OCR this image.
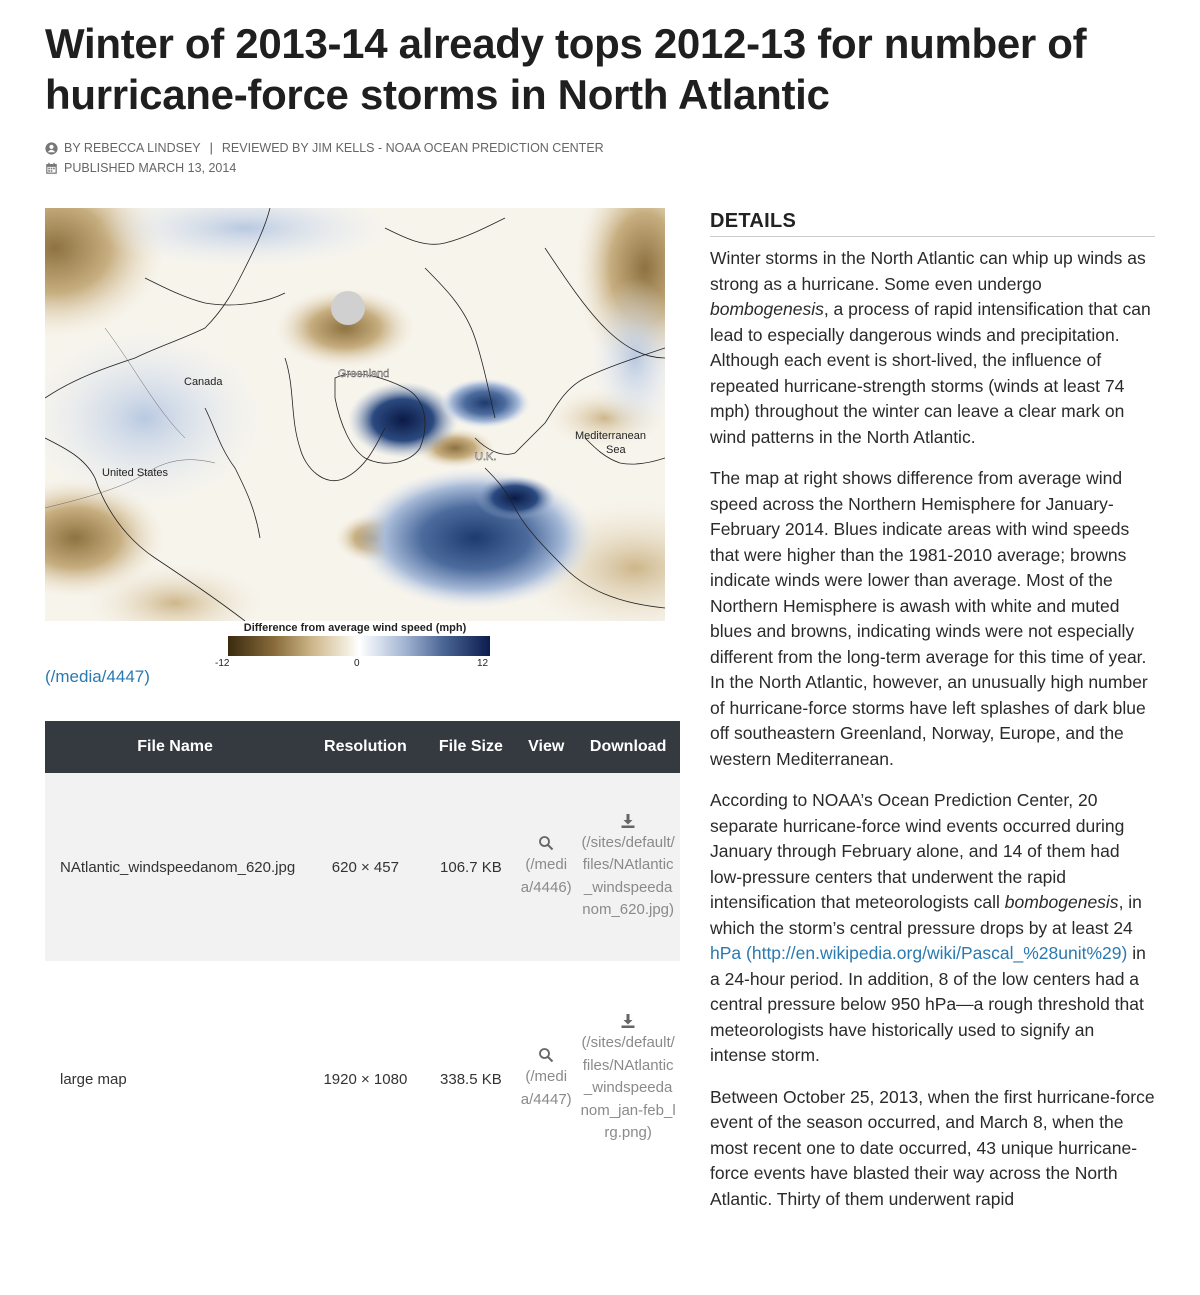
Winter of 2013-14 already tops 2012-13 for number of hurricane-force storms in North Atlantic
BY REBECCA LINDSEY | REVIEWED BY JIM KELLS - NOAA OCEAN PREDICTION CENTER
PUBLISHED MARCH 13, 2014
Canada
United States
Greenland
U.K.
Mediterranean
Sea
Difference from average wind speed (mph)
-12	0	12
(/media/4447)
File Name	Resolution	File Size	View	Download
NAtlantic_windspeedanom_620.jpg	620 × 457	106.7 KB	(/media/4446)	(/sites/default/files/NAtlantic_windspeedanom_620.jpg)
large map	1920 × 1080	338.5 KB	(/media/4447)	(/sites/default/files/NAtlantic_windspeedanom_jan-feb_lrg.png)
DETAILS

Winter storms in the North Atlantic can whip up winds as strong as a hurricane. Some even undergo bombogenesis, a process of rapid intensification that can lead to especially dangerous winds and precipitation. Although each event is short-lived, the influence of repeated hurricane-strength storms (winds at least 74 mph) throughout the winter can leave a clear mark on wind patterns in the North Atlantic.

The map at right shows difference from average wind speed across the Northern Hemisphere for January-February 2014. Blues indicate areas with wind speeds that were higher than the 1981-2010 average; browns indicate winds were lower than average. Most of the Northern Hemisphere is awash with white and muted blues and browns, indicating winds were not especially different from the long-term average for this time of year. In the North Atlantic, however, an unusually high number of hurricane-force storms have left splashes of dark blue off southeastern Greenland, Norway, Europe, and the western Mediterranean.

According to NOAA’s Ocean Prediction Center, 20 separate hurricane-force wind events occurred during January through February alone, and 14 of them had low-pressure centers that underwent the rapid intensification that meteorologists call bombogenesis, in which the storm’s central pressure drops by at least 24 hPa (http://en.wikipedia.org/wiki/Pascal_%28unit%29) in a 24-hour period. In addition, 8 of the low centers had a central pressure below 950 hPa—a rough threshold that meteorologists have historically used to signify an intense storm.

Between October 25, 2013, when the first hurricane-force event of the season occurred, and March 8, when the most recent one to date occurred, 43 unique hurricane-force events have blasted their way across the North Atlantic. Thirty of them underwent rapid
